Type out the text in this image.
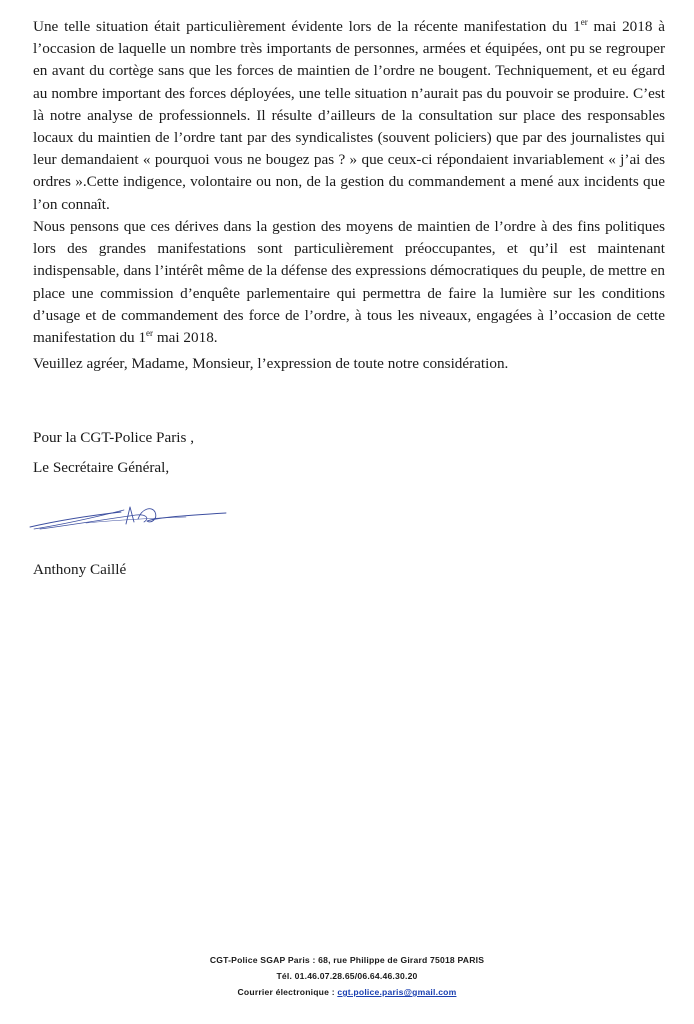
Une telle situation était particulièrement évidente lors de la récente manifestation du 1er mai 2018 à l’occasion de laquelle un nombre très importants de personnes, armées et équipées, ont pu se regrouper en avant du cortège sans que les forces de maintien de l’ordre ne bougent. Techniquement, et eu égard au nombre important des forces déployées, une telle situation n’aurait pas du pouvoir se produire. C’est là notre analyse de professionnels. Il résulte d’ailleurs de la consultation sur place des responsables locaux du maintien de l’ordre tant par des syndicalistes (souvent policiers) que par des journalistes qui leur demandaient « pourquoi vous ne bougez pas ? » que ceux-ci répondaient invariablement « j’ai des ordres ».Cette indigence, volontaire ou non, de la gestion du commandement a mené aux incidents que l’on connaît.

Nous pensons que ces dérives dans la gestion des moyens de maintien de l’ordre à des fins politiques lors des grandes manifestations sont particulièrement préoccupantes, et qu’il est maintenant indispensable, dans l’intérêt même de la défense des expressions démocratiques du peuple, de mettre en place une commission d’enquête parlementaire qui permettra de faire la lumière sur les conditions d’usage et de commandement des force de l’ordre, à tous les niveaux, engagées à l’occasion de cette manifestation du 1er mai 2018.

Veuillez agréer, Madame, Monsieur, l’expression de toute notre considération.

Pour la CGT-Police Paris ,

Le Secrétaire Général,

Anthony Caillé

CGT-Police SGAP Paris : 68, rue Philippe de Girard 75018 PARIS

Tél. 01.46.07.28.65/06.64.46.30.20

Courrier électronique : cgt.police.paris@gmail.com
